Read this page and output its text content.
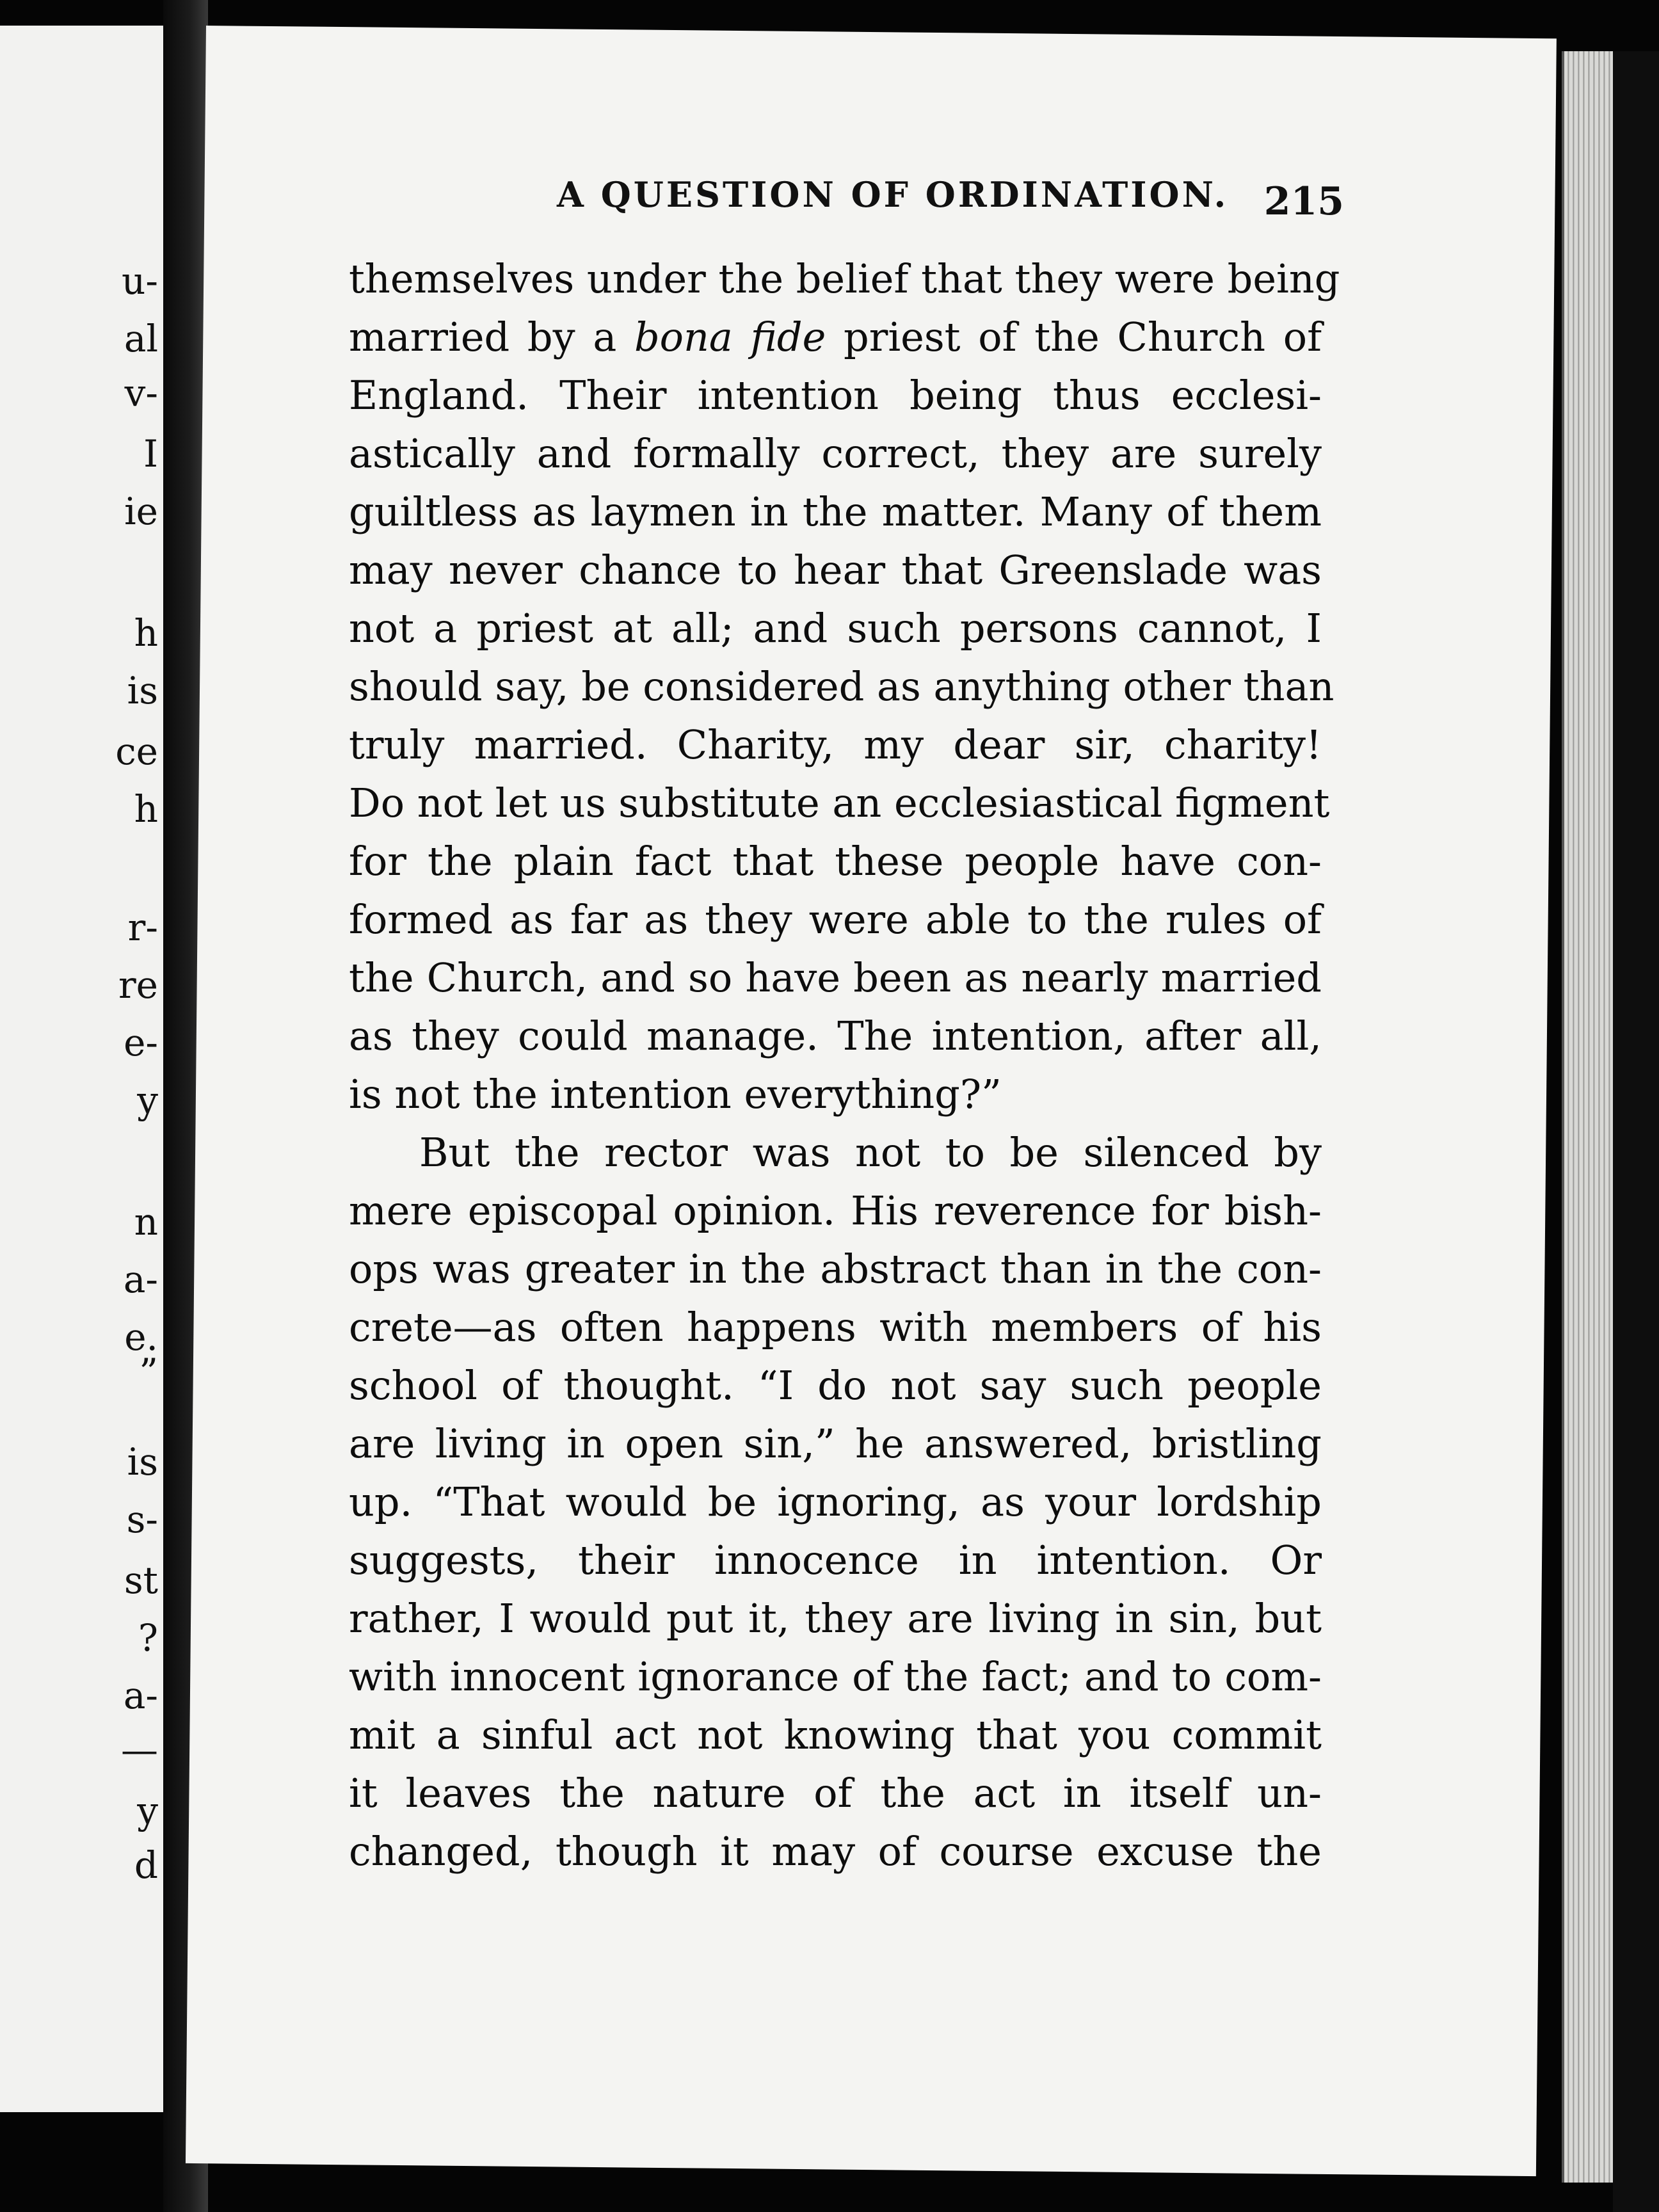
u-
al
v-
I
ie
h
is
ce
h
r-
re
e-
y
n
a-
e.
”
is
s-
st
?
a-
—
y
d
A QUESTION OF ORDINATION. 215
themselves under the belief that they were being
married by a bona fide priest of the Church of
England. Their intention being thus ecclesi-
astically and formally correct, they are surely
guiltless as laymen in the matter. Many of them
may never chance to hear that Greenslade was
not a priest at all; and such persons cannot, I
should say, be considered as anything other than
truly married. Charity, my dear sir, charity!
Do not let us substitute an ecclesiastical figment
for the plain fact that these people have con-
formed as far as they were able to the rules of
the Church, and so have been as nearly married
as they could manage. The intention, after all,
is not the intention everything?”
But the rector was not to be silenced by
mere episcopal opinion. His reverence for bish-
ops was greater in the abstract than in the con-
crete—as often happens with members of his
school of thought. “I do not say such people
are living in open sin,” he answered, bristling
up. “That would be ignoring, as your lordship
suggests, their innocence in intention. Or
rather, I would put it, they are living in sin, but
with innocent ignorance of the fact; and to com-
mit a sinful act not knowing that you commit
it leaves the nature of the act in itself un-
changed, though it may of course excuse the
